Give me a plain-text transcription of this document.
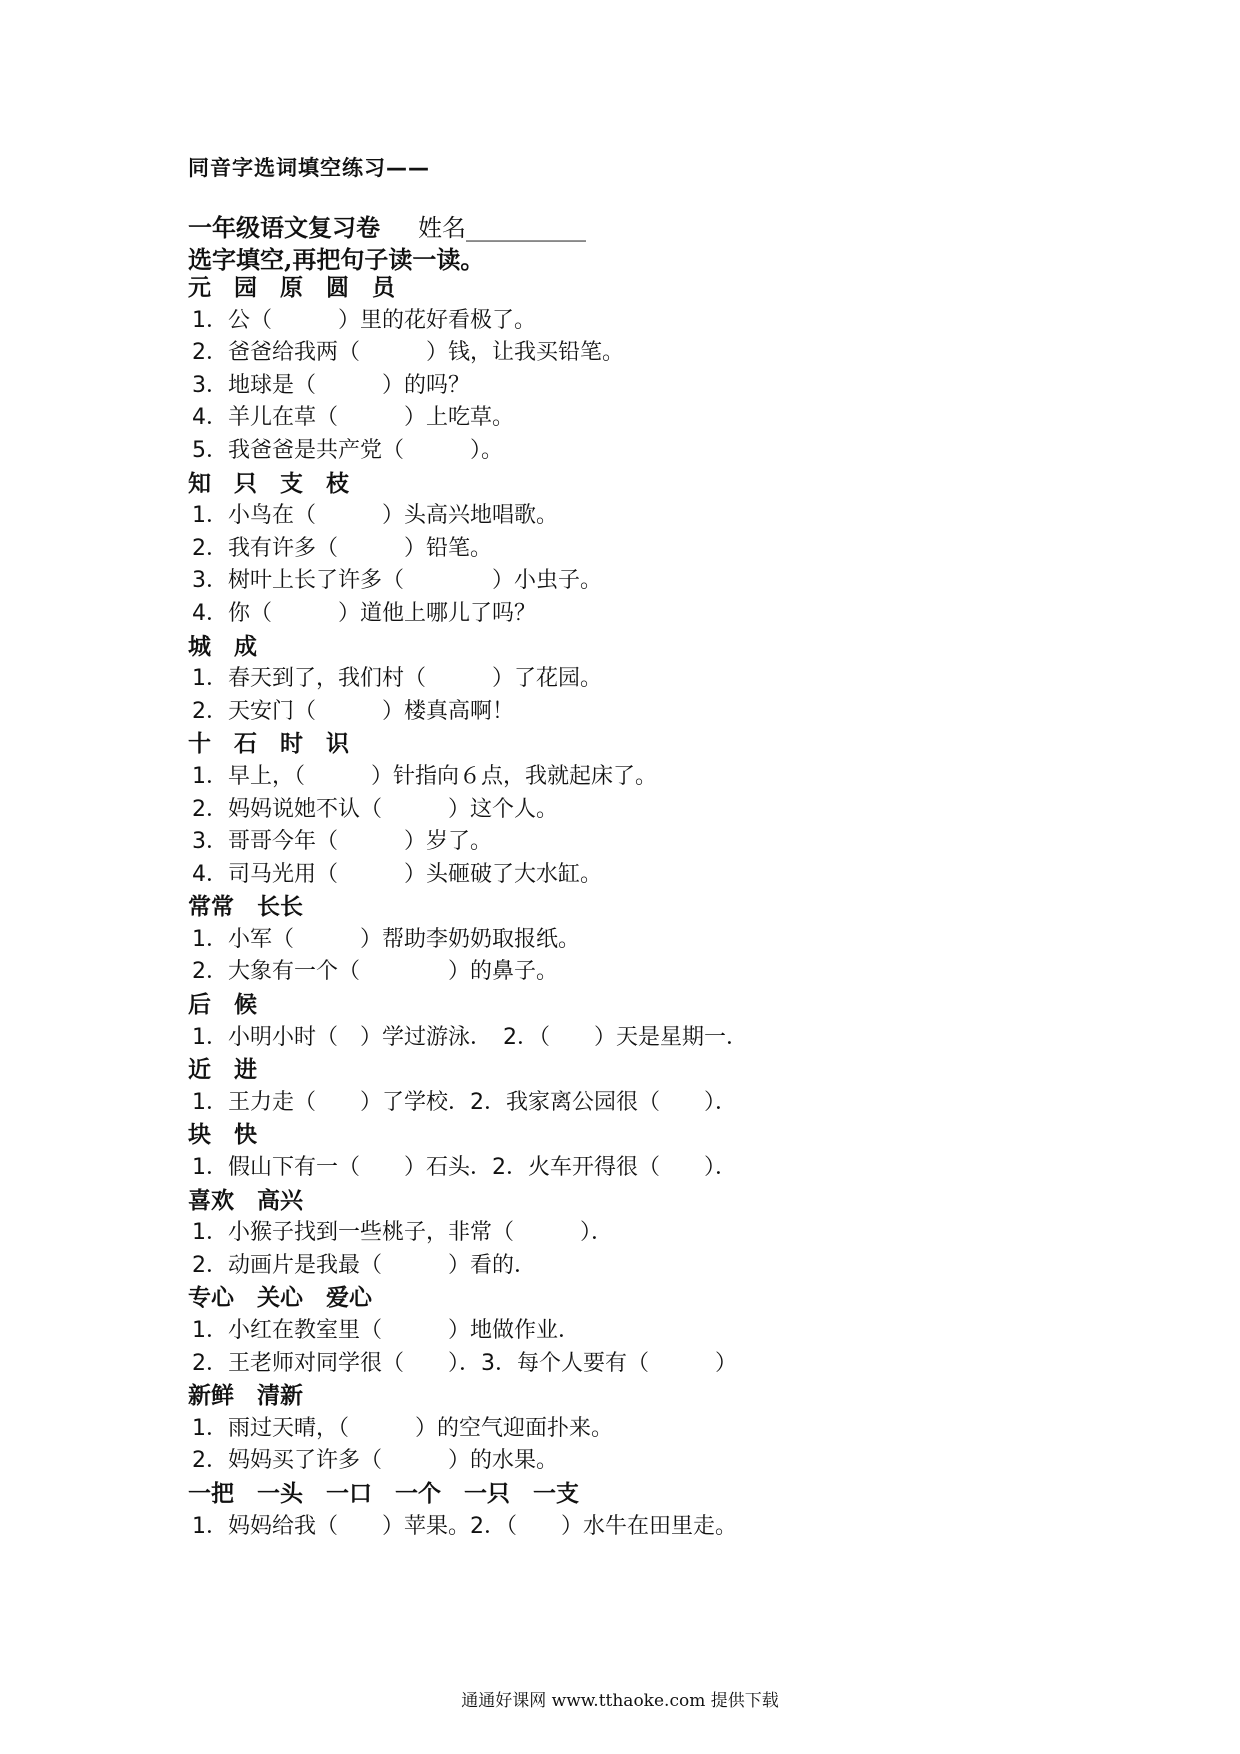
同音字选词填空练习——
一年级语文复习卷 姓名__________
选字填空,再把句子读一读。
元　园　原　圆　员
1．公（　　　）里的花好看极了。
2．爸爸给我两（　　　）钱，让我买铅笔。
3．地球是（　　　）的吗？
4．羊儿在草（　　　）上吃草。
5．我爸爸是共产党（　　　）。
知　只　支　枝
1．小鸟在（　　　）头高兴地唱歌。
2．我有许多（　　　）铅笔。
3．树叶上长了许多（　　　　）小虫子。
4．你（　　　）道他上哪儿了吗？
城　成
1．春天到了，我们村（　　　）了花园。
2．天安门（　　　）楼真高啊！
十　石　时　识
1．早上，（　　　）针指向６点，我就起床了。
2．妈妈说她不认（　　　）这个人。
3．哥哥今年（　　　）岁了。
4．司马光用（　　　）头砸破了大水缸。
常常　长长
1．小军（　　　）帮助李奶奶取报纸。
2．大象有一个（　　　　）的鼻子。
后　候
1．小明小时（　）学过游泳．　2．（　　）天是星期一．
近　进
1．王力走（　　）了学校．2．我家离公园很（　　）．
块　快
1．假山下有一（　　）石头．2．火车开得很（　　）．
喜欢　高兴
1．小猴子找到一些桃子，非常（　　　）．
2．动画片是我最（　　　）看的．
专心　关心　爱心
1．小红在教室里（　　　）地做作业．
2．王老师对同学很（　　）．3．每个人要有（　　　）
新鲜　清新
1．雨过天晴，（　　　）的空气迎面扑来。
2．妈妈买了许多（　　　）的水果。
一把　一头　一口　一个　一只　一支
1．妈妈给我（　　）苹果。2．（　　）水牛在田里走。
通通好课网 www.tthaoke.com 提供下载
